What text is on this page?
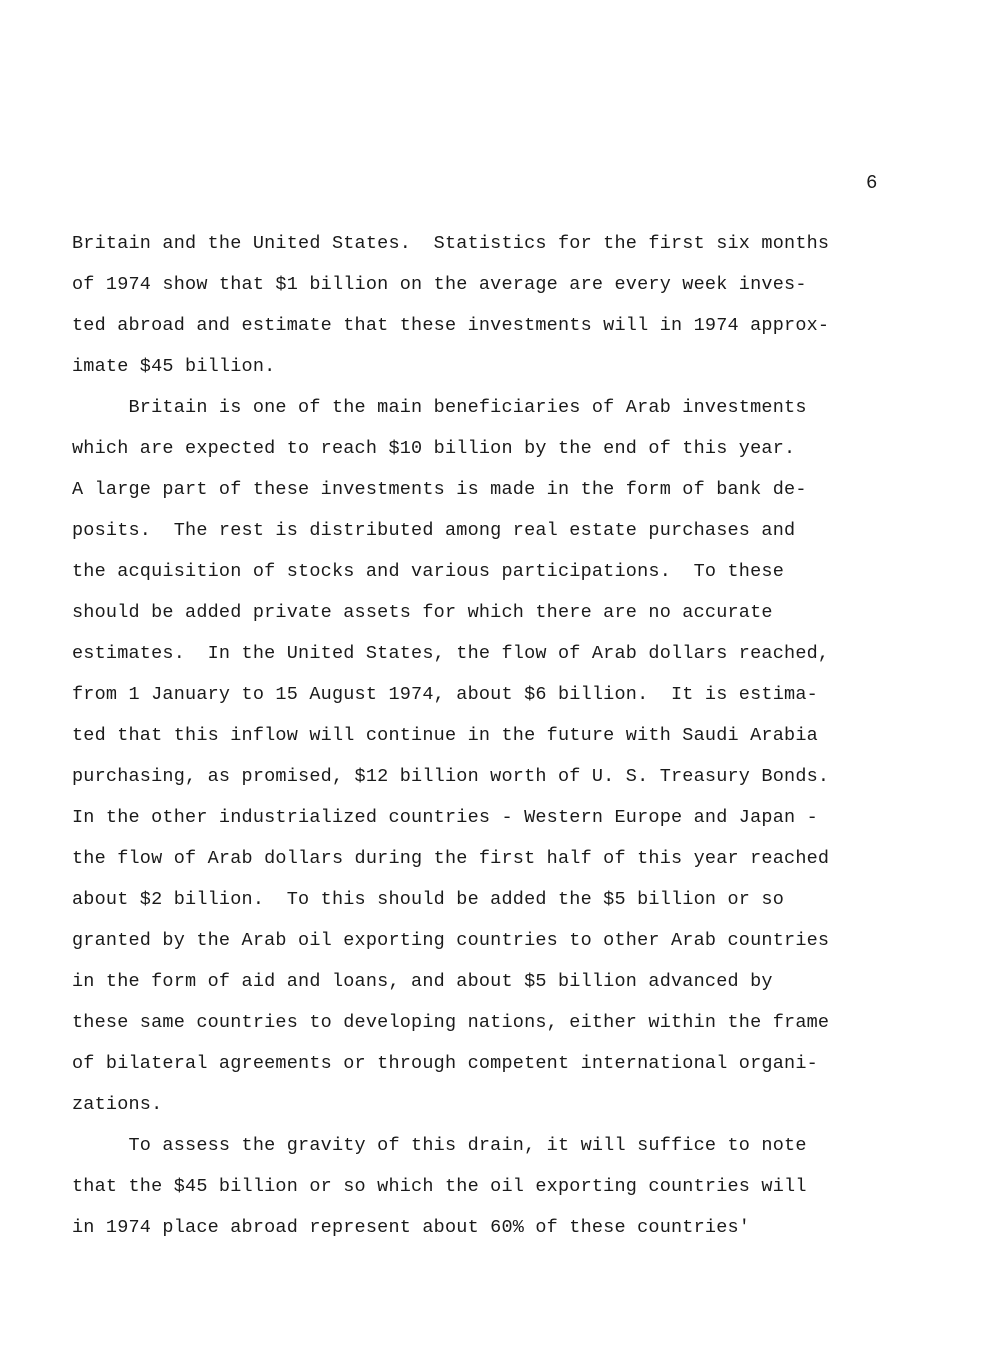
6
Britain and the United States.  Statistics for the first six months
of 1974 show that $1 billion on the average are every week inves-
ted abroad and estimate that these investments will in 1974 approx-
imate $45 billion.
Britain is one of the main beneficiaries of Arab investments
which are expected to reach $10 billion by the end of this year.
A large part of these investments is made in the form of bank de-
posits.  The rest is distributed among real estate purchases and
the acquisition of stocks and various participations.  To these
should be added private assets for which there are no accurate
estimates.  In the United States, the flow of Arab dollars reached,
from 1 January to 15 August 1974, about $6 billion.  It is estima-
ted that this inflow will continue in the future with Saudi Arabia
purchasing, as promised, $12 billion worth of U. S. Treasury Bonds.
In the other industrialized countries - Western Europe and Japan -
the flow of Arab dollars during the first half of this year reached
about $2 billion.  To this should be added the $5 billion or so
granted by the Arab oil exporting countries to other Arab countries
in the form of aid and loans, and about $5 billion advanced by
these same countries to developing nations, either within the frame
of bilateral agreements or through competent international organi-
zations.
To assess the gravity of this drain, it will suffice to note
that the $45 billion or so which the oil exporting countries will
in 1974 place abroad represent about 60% of these countries'
